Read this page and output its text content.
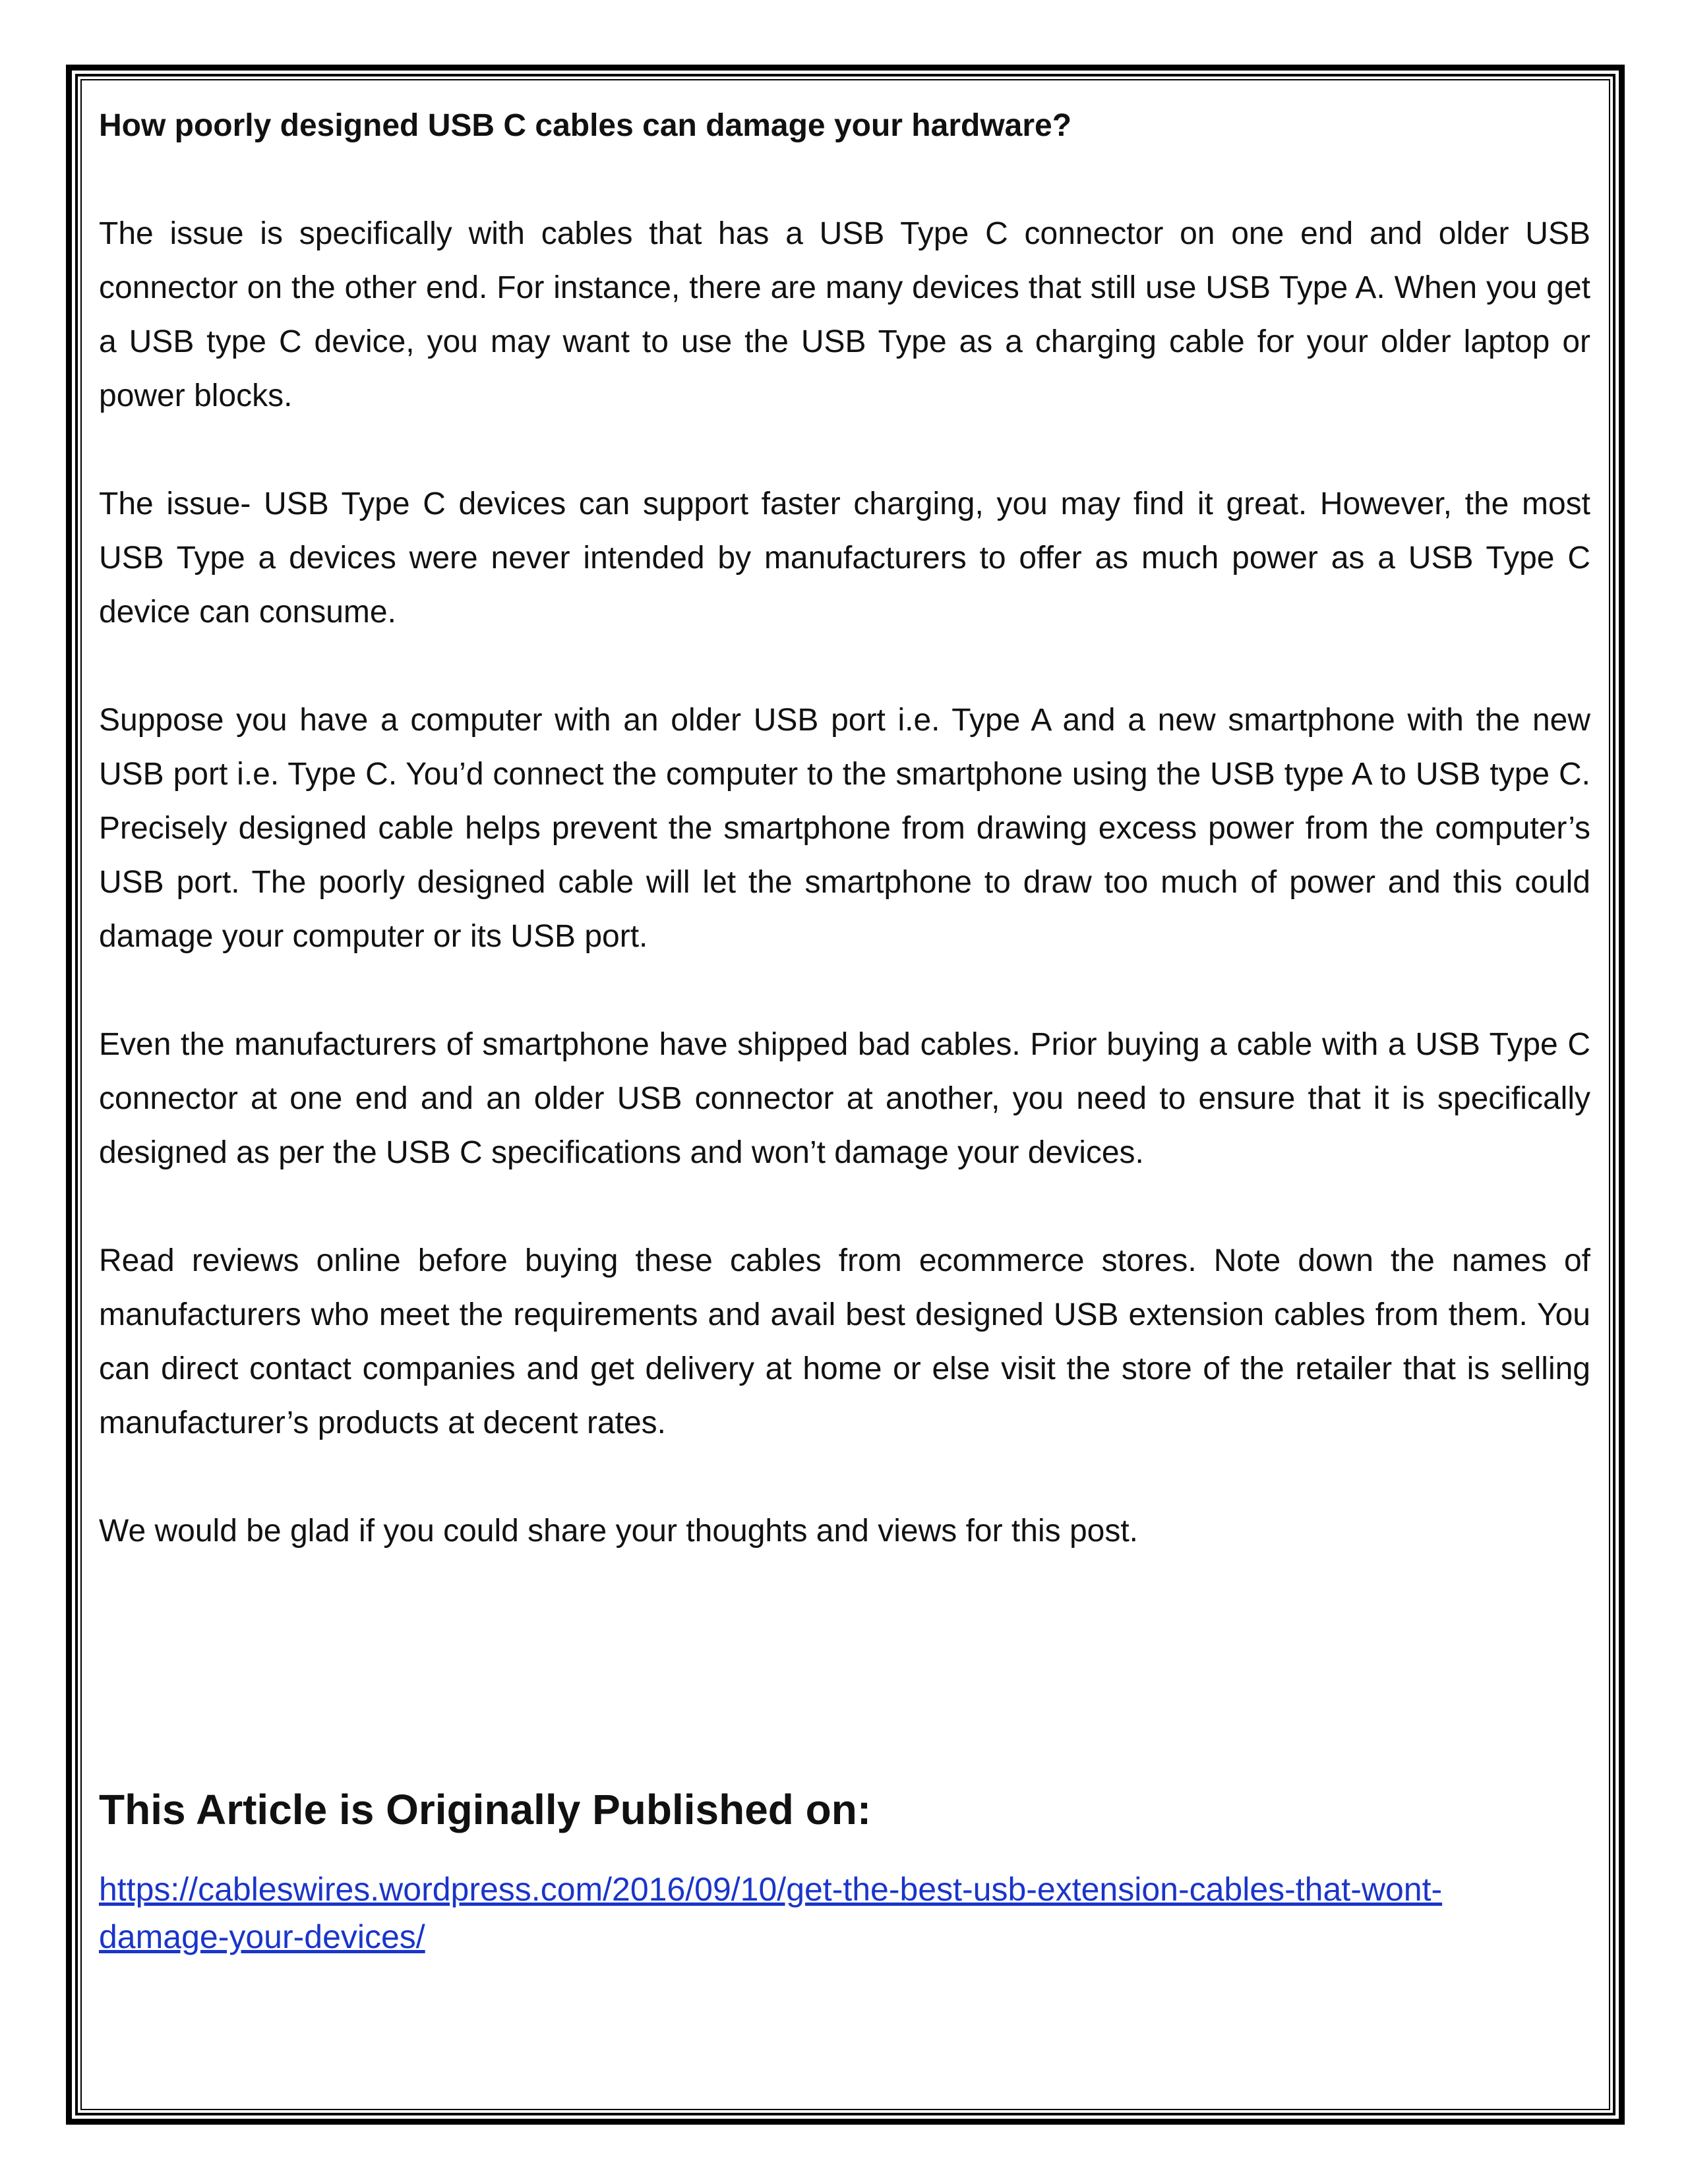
How poorly designed USB C cables can damage your hardware?

The issue is specifically with cables that has a USB Type C connector on one end and older USB connector on the other end. For instance, there are many devices that still use USB Type A. When you get a USB type C device, you may want to use the USB Type as a charging cable for your older laptop or power blocks.

The issue- USB Type C devices can support faster charging, you may find it great. However, the most USB Type a devices were never intended by manufacturers to offer as much power as a USB Type C device can consume.

Suppose you have a computer with an older USB port i.e. Type A and a new smartphone with the new USB port i.e. Type C. You’d connect the computer to the smartphone using the USB type A to USB type C. Precisely designed cable helps prevent the smartphone from drawing excess power from the computer’s USB port. The poorly designed cable will let the smartphone to draw too much of power and this could damage your computer or its USB port.

Even the manufacturers of smartphone have shipped bad cables. Prior buying a cable with a USB Type C connector at one end and an older USB connector at another, you need to ensure that it is specifically designed as per the USB C specifications and won’t damage your devices.

Read reviews online before buying these cables from ecommerce stores. Note down the names of manufacturers who meet the requirements and avail best designed USB extension cables from them. You can direct contact companies and get delivery at home or else visit the store of the retailer that is selling manufacturer’s products at decent rates.

We would be glad if you could share your thoughts and views for this post.

This Article is Originally Published on:

https://cableswires.wordpress.com/2016/09/10/get-the-best-usb-extension-cables-that-wont-damage-your-devices/
